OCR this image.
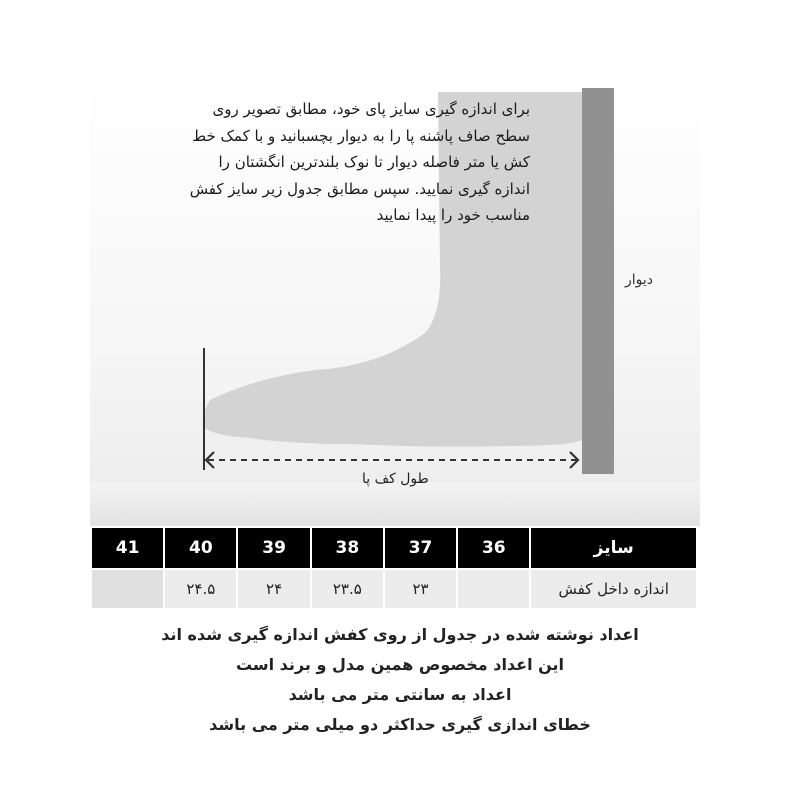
برای اندازه گیری سایز پای خود، مطابق تصویر روی سطح صاف پاشنه پا را به دیوار بچسبانید و با کمک خط کش یا متر فاصله دیوار تا نوک بلندترین انگشتان را اندازه گیری نمایید. سپس مطابق جدول زیر سایز کفش مناسب خود را پیدا نمایید

دیوار
طول کف پا
41	40	39	38	37	36	سایز
	۲۴.۵	۲۴	۲۳.۵	۲۳		اندازه داخل کفش

اعداد نوشته شده در جدول از روی کفش اندازه گیری شده اند

این اعداد مخصوص همین مدل و برند است

اعداد به سانتی متر می باشد

خطای اندازی گیری حداکثر دو میلی متر می باشد
